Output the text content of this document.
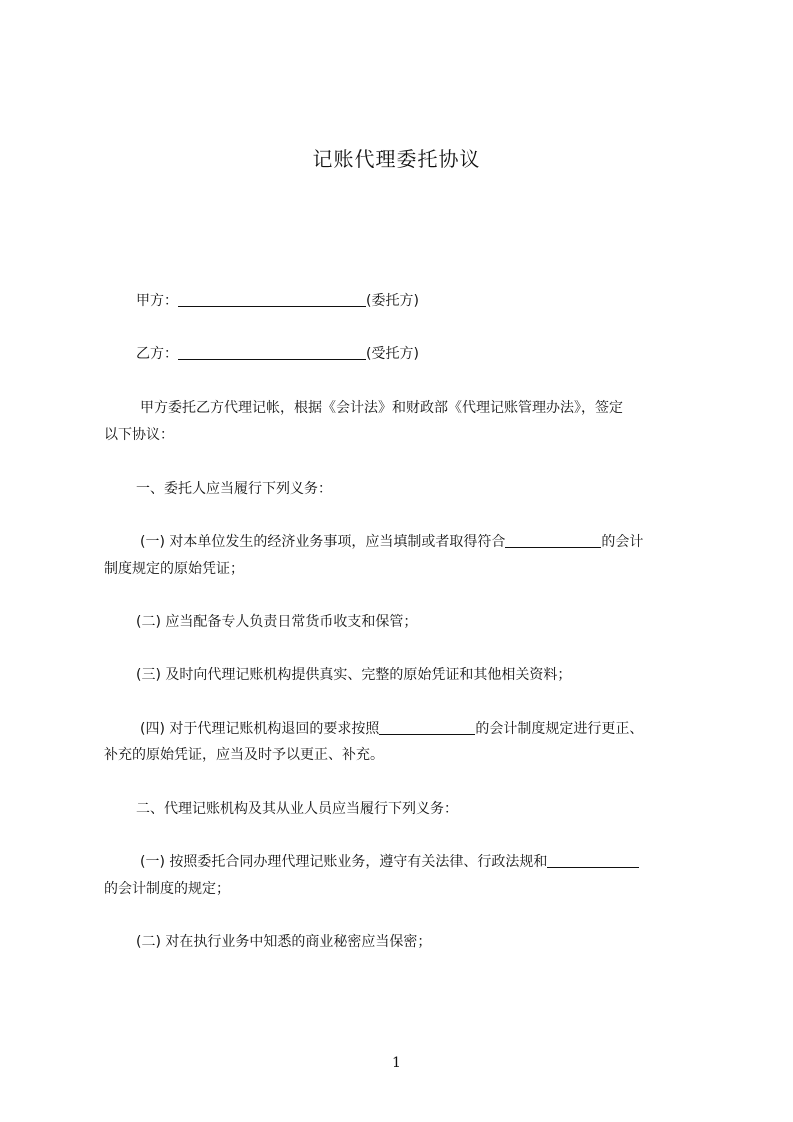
记账代理委托协议
甲方：	(委托方)
乙方：	(受托方)
甲方委托乙方代理记帐，根据《会计法》和财政部《代理记账管理办法》，签定
以下协议：
一、委托人应当履行下列义务：
(一) 对本单位发生的经济业务事项，应当填制或者取得符合	的会计
制度规定的原始凭证；
(二) 应当配备专人负责日常货币收支和保管；
(三) 及时向代理记账机构提供真实、完整的原始凭证和其他相关资料；
(四) 对于代理记账机构退回的要求按照	的会计制度规定进行更正、
补充的原始凭证，应当及时予以更正、补充。
二、代理记账机构及其从业人员应当履行下列义务：
(一) 按照委托合同办理代理记账业务，遵守有关法律、行政法规和
的会计制度的规定；
(二) 对在执行业务中知悉的商业秘密应当保密；
1
